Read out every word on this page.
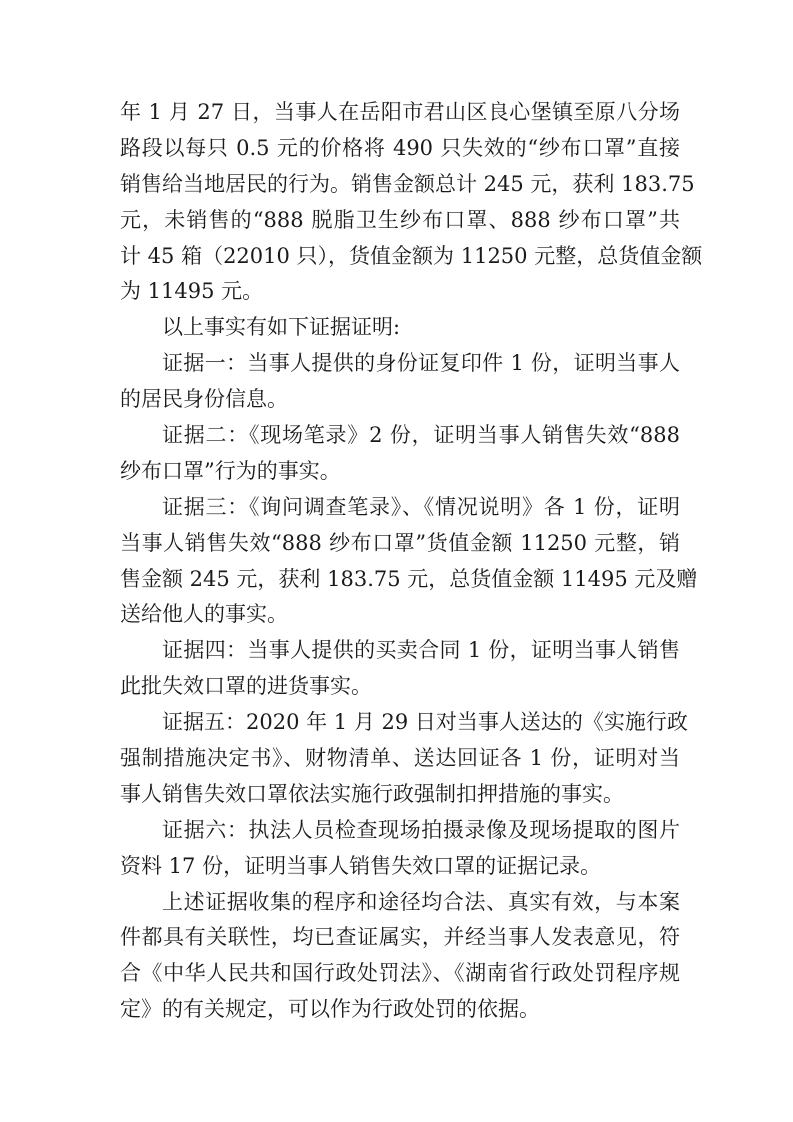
年 1 月 27 日，当事人在岳阳市君山区良心堡镇至原八分场
路段以每只 0.5 元的价格将 490 只失效的“纱布口罩”直接
销售给当地居民的行为。销售金额总计 245 元，获利 183.75
元，未销售的“888 脱脂卫生纱布口罩、888 纱布口罩”共
计 45 箱（22010 只），货值金额为 11250 元整，总货值金额
为 11495 元。
以上事实有如下证据证明:
证据一：当事人提供的身份证复印件 1 份，证明当事人
的居民身份信息。
证据二：《现场笔录》2 份，证明当事人销售失效“888
纱布口罩”行为的事实。
证据三：《询问调查笔录》、《情况说明》各 1 份，证明
当事人销售失效“888 纱布口罩”货值金额 11250 元整，销
售金额 245 元，获利 183.75 元，总货值金额 11495 元及赠
送给他人的事实。
证据四：当事人提供的买卖合同 1 份，证明当事人销售
此批失效口罩的进货事实。
证据五：2020 年 1 月 29 日对当事人送达的《实施行政
强制措施决定书》、财物清单、送达回证各 1 份，证明对当
事人销售失效口罩依法实施行政强制扣押措施的事实。
证据六：执法人员检查现场拍摄录像及现场提取的图片
资料 17 份，证明当事人销售失效口罩的证据记录。
上述证据收集的程序和途径均合法、真实有效，与本案
件都具有关联性，均已查证属实，并经当事人发表意见，符
合《中华人民共和国行政处罚法》、《湖南省行政处罚程序规
定》的有关规定，可以作为行政处罚的依据。
